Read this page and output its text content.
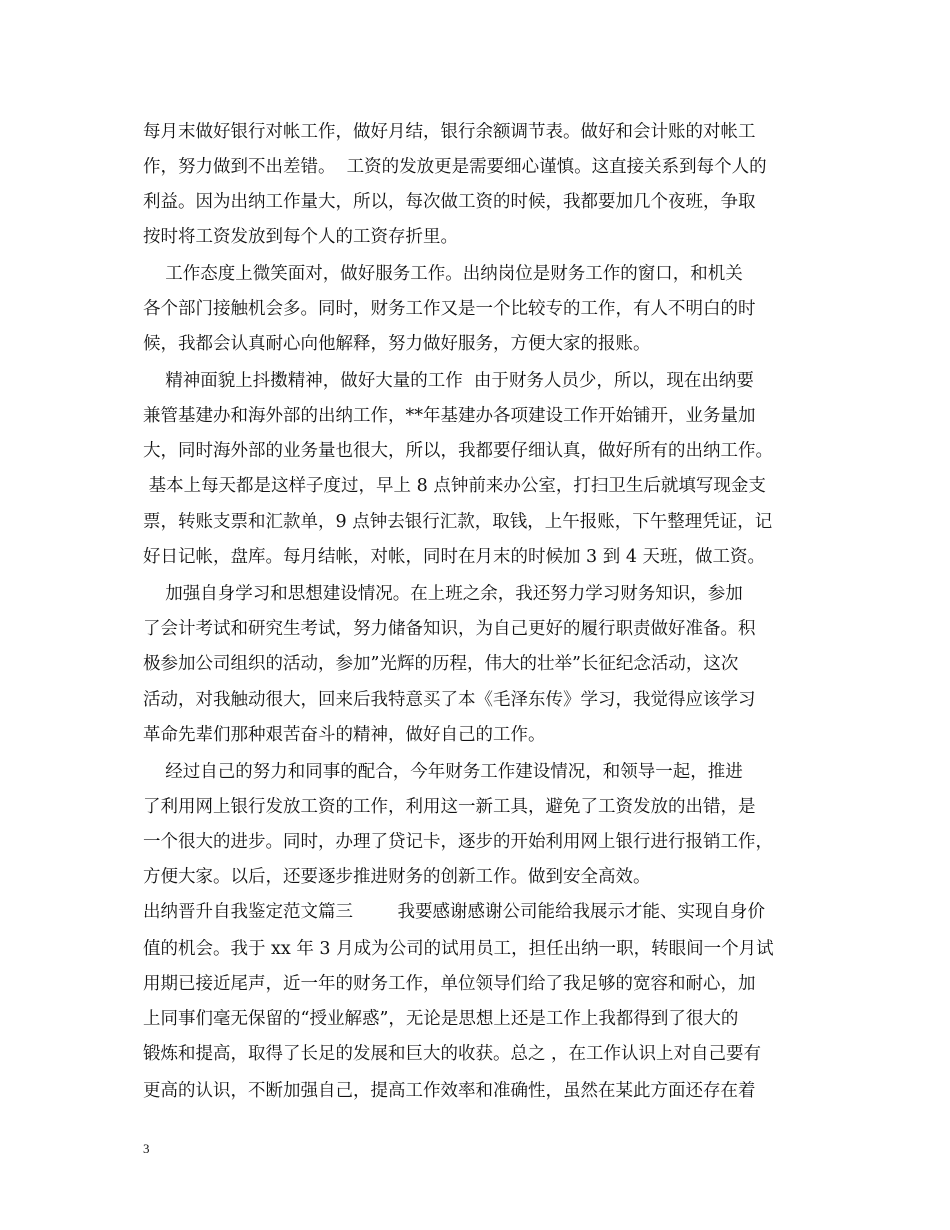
每月末做好银行对帐工作，做好月结，银行余额调节表。做好和会计账的对帐工
作，努力做到不出差错。  工资的发放更是需要细心谨慎。这直接关系到每个人的
利益。因为出纳工作量大，所以，每次做工资的时候，我都要加几个夜班，争取
按时将工资发放到每个人的工资存折里。
工作态度上微笑面对，做好服务工作。出纳岗位是财务工作的窗口，和机关
各个部门接触机会多。同时，财务工作又是一个比较专的工作，有人不明白的时
候，我都会认真耐心向他解释，努力做好服务，方便大家的报账。
精神面貌上抖擞精神，做好大量的工作  由于财务人员少，所以，现在出纳要
兼管基建办和海外部的出纳工作，**年基建办各项建设工作开始铺开，业务量加
大，同时海外部的业务量也很大，所以，我都要仔细认真，做好所有的出纳工作。
基本上每天都是这样子度过，早上 8 点钟前来办公室，打扫卫生后就填写现金支
票，转账支票和汇款单，9 点钟去银行汇款，取钱，上午报账，下午整理凭证，记
好日记帐，盘库。每月结帐，对帐，同时在月末的时候加 3 到 4 天班，做工资。
加强自身学习和思想建设情况。在上班之余，我还努力学习财务知识，参加
了会计考试和研究生考试，努力储备知识，为自己更好的履行职责做好准备。积
极参加公司组织的活动，参加”光辉的历程，伟大的壮举”长征纪念活动，这次
活动，对我触动很大，回来后我特意买了本《毛泽东传》学习，我觉得应该学习
革命先辈们那种艰苦奋斗的精神，做好自己的工作。
经过自己的努力和同事的配合，今年财务工作建设情况，和领导一起，推进
了利用网上银行发放工资的工作，利用这一新工具，避免了工资发放的出错，是
一个很大的进步。同时，办理了贷记卡，逐步的开始利用网上银行进行报销工作，
方便大家。以后，还要逐步推进财务的创新工作。做到安全高效。
出纳晋升自我鉴定范文篇三        我要感谢感谢公司能给我展示才能、实现自身价
值的机会。我于 xx 年 3 月成为公司的试用员工，担任出纳一职，转眼间一个月试
用期已接近尾声，近一年的财务工作，单位领导们给了我足够的宽容和耐心，加
上同事们毫无保留的“授业解惑”，无论是思想上还是工作上我都得到了很大的
锻炼和提高，取得了长足的发展和巨大的收获。总之 ，在工作认识上对自己要有
更高的认识，不断加强自己，提高工作效率和准确性，虽然在某此方面还存在着
3
